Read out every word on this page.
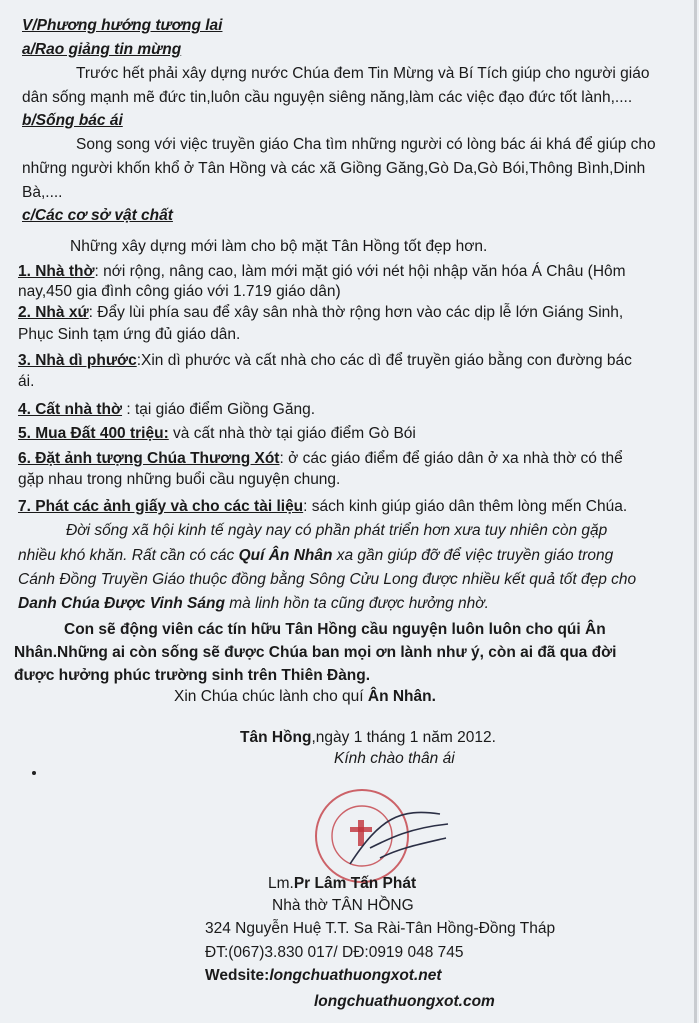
V/Phương hướng tương lai
a/Rao giảng tin mừng
Trước hết phải xây dựng nước Chúa đem Tin Mừng và Bí Tích giúp cho người giáo
dân sống mạnh mẽ đức tin,luôn cầu nguyện siêng năng,làm các việc đạo đức tốt lành,....
b/Sống bác ái
Song song với việc truyền giáo Cha tìm những người có lòng bác ái khá để giúp cho
những người khốn khổ ở Tân Hồng và các xã Giồng Găng,Gò Da,Gò Bói,Thông Bình,Dinh
Bà,....
c/Các cơ sở vật chất
Những xây dựng mới làm cho bộ mặt Tân Hồng tốt đẹp hơn.
1. Nhà thờ: nới rộng, nâng cao, làm mới mặt gió với nét hội nhập văn hóa Á Châu (Hôm
nay,450 gia đình công giáo với 1.719 giáo dân)
2. Nhà xứ: Đẩy lùi phía sau để xây sân nhà thờ rộng hơn vào các dịp lễ lớn Giáng Sinh,
Phục Sinh tạm ứng đủ giáo dân.
3. Nhà dì phước:Xin dì phước và cất nhà cho các dì để truyền giáo bằng con đường bác
ái.
4. Cất nhà thờ : tại giáo điểm Giồng Găng.
5. Mua Đất 400 triệu: và cất nhà thờ tại giáo điểm Gò Bói
6. Đặt ảnh tượng Chúa Thương Xót: ở các giáo điểm để giáo dân ở xa nhà thờ có thể
gặp nhau trong những buổi cầu nguyện chung.
7. Phát các ảnh giấy và cho các tài liệu: sách kinh giúp giáo dân thêm lòng mến Chúa.
Đời sống xã hội kinh tế ngày nay có phần phát triển hơn xưa tuy nhiên còn gặp
nhiều khó khăn. Rất cần có các Quí Ân Nhân xa gần giúp đỡ để việc truyền giáo trong
Cánh Đồng Truyền Giáo thuộc đồng bằng Sông Cửu Long được nhiều kết quả tốt đẹp cho
Danh Chúa Được Vinh Sáng mà linh hồn ta cũng được hưởng nhờ.
Con sẽ động viên các tín hữu Tân Hồng cầu nguyện luôn luôn cho qúi Ân
Nhân.Những ai còn sống sẽ được Chúa ban mọi ơn lành như ý, còn ai đã qua đời
được hưởng phúc trường sinh trên Thiên Đàng.
Xin Chúa chúc lành cho quí Ân Nhân.
Tân Hồng,ngày 1 tháng 1 năm 2012.
Kính chào thân ái
Lm.Pr Lâm Tấn Phát
Nhà thờ TÂN HỒNG
324 Nguyễn Huệ T.T. Sa Rài-Tân Hồng-Đồng Tháp
ĐT:(067)3.830 017/ DĐ:0919 048 745
Wedsite:longchuathuongxot.net
longchuathuongxot.com
